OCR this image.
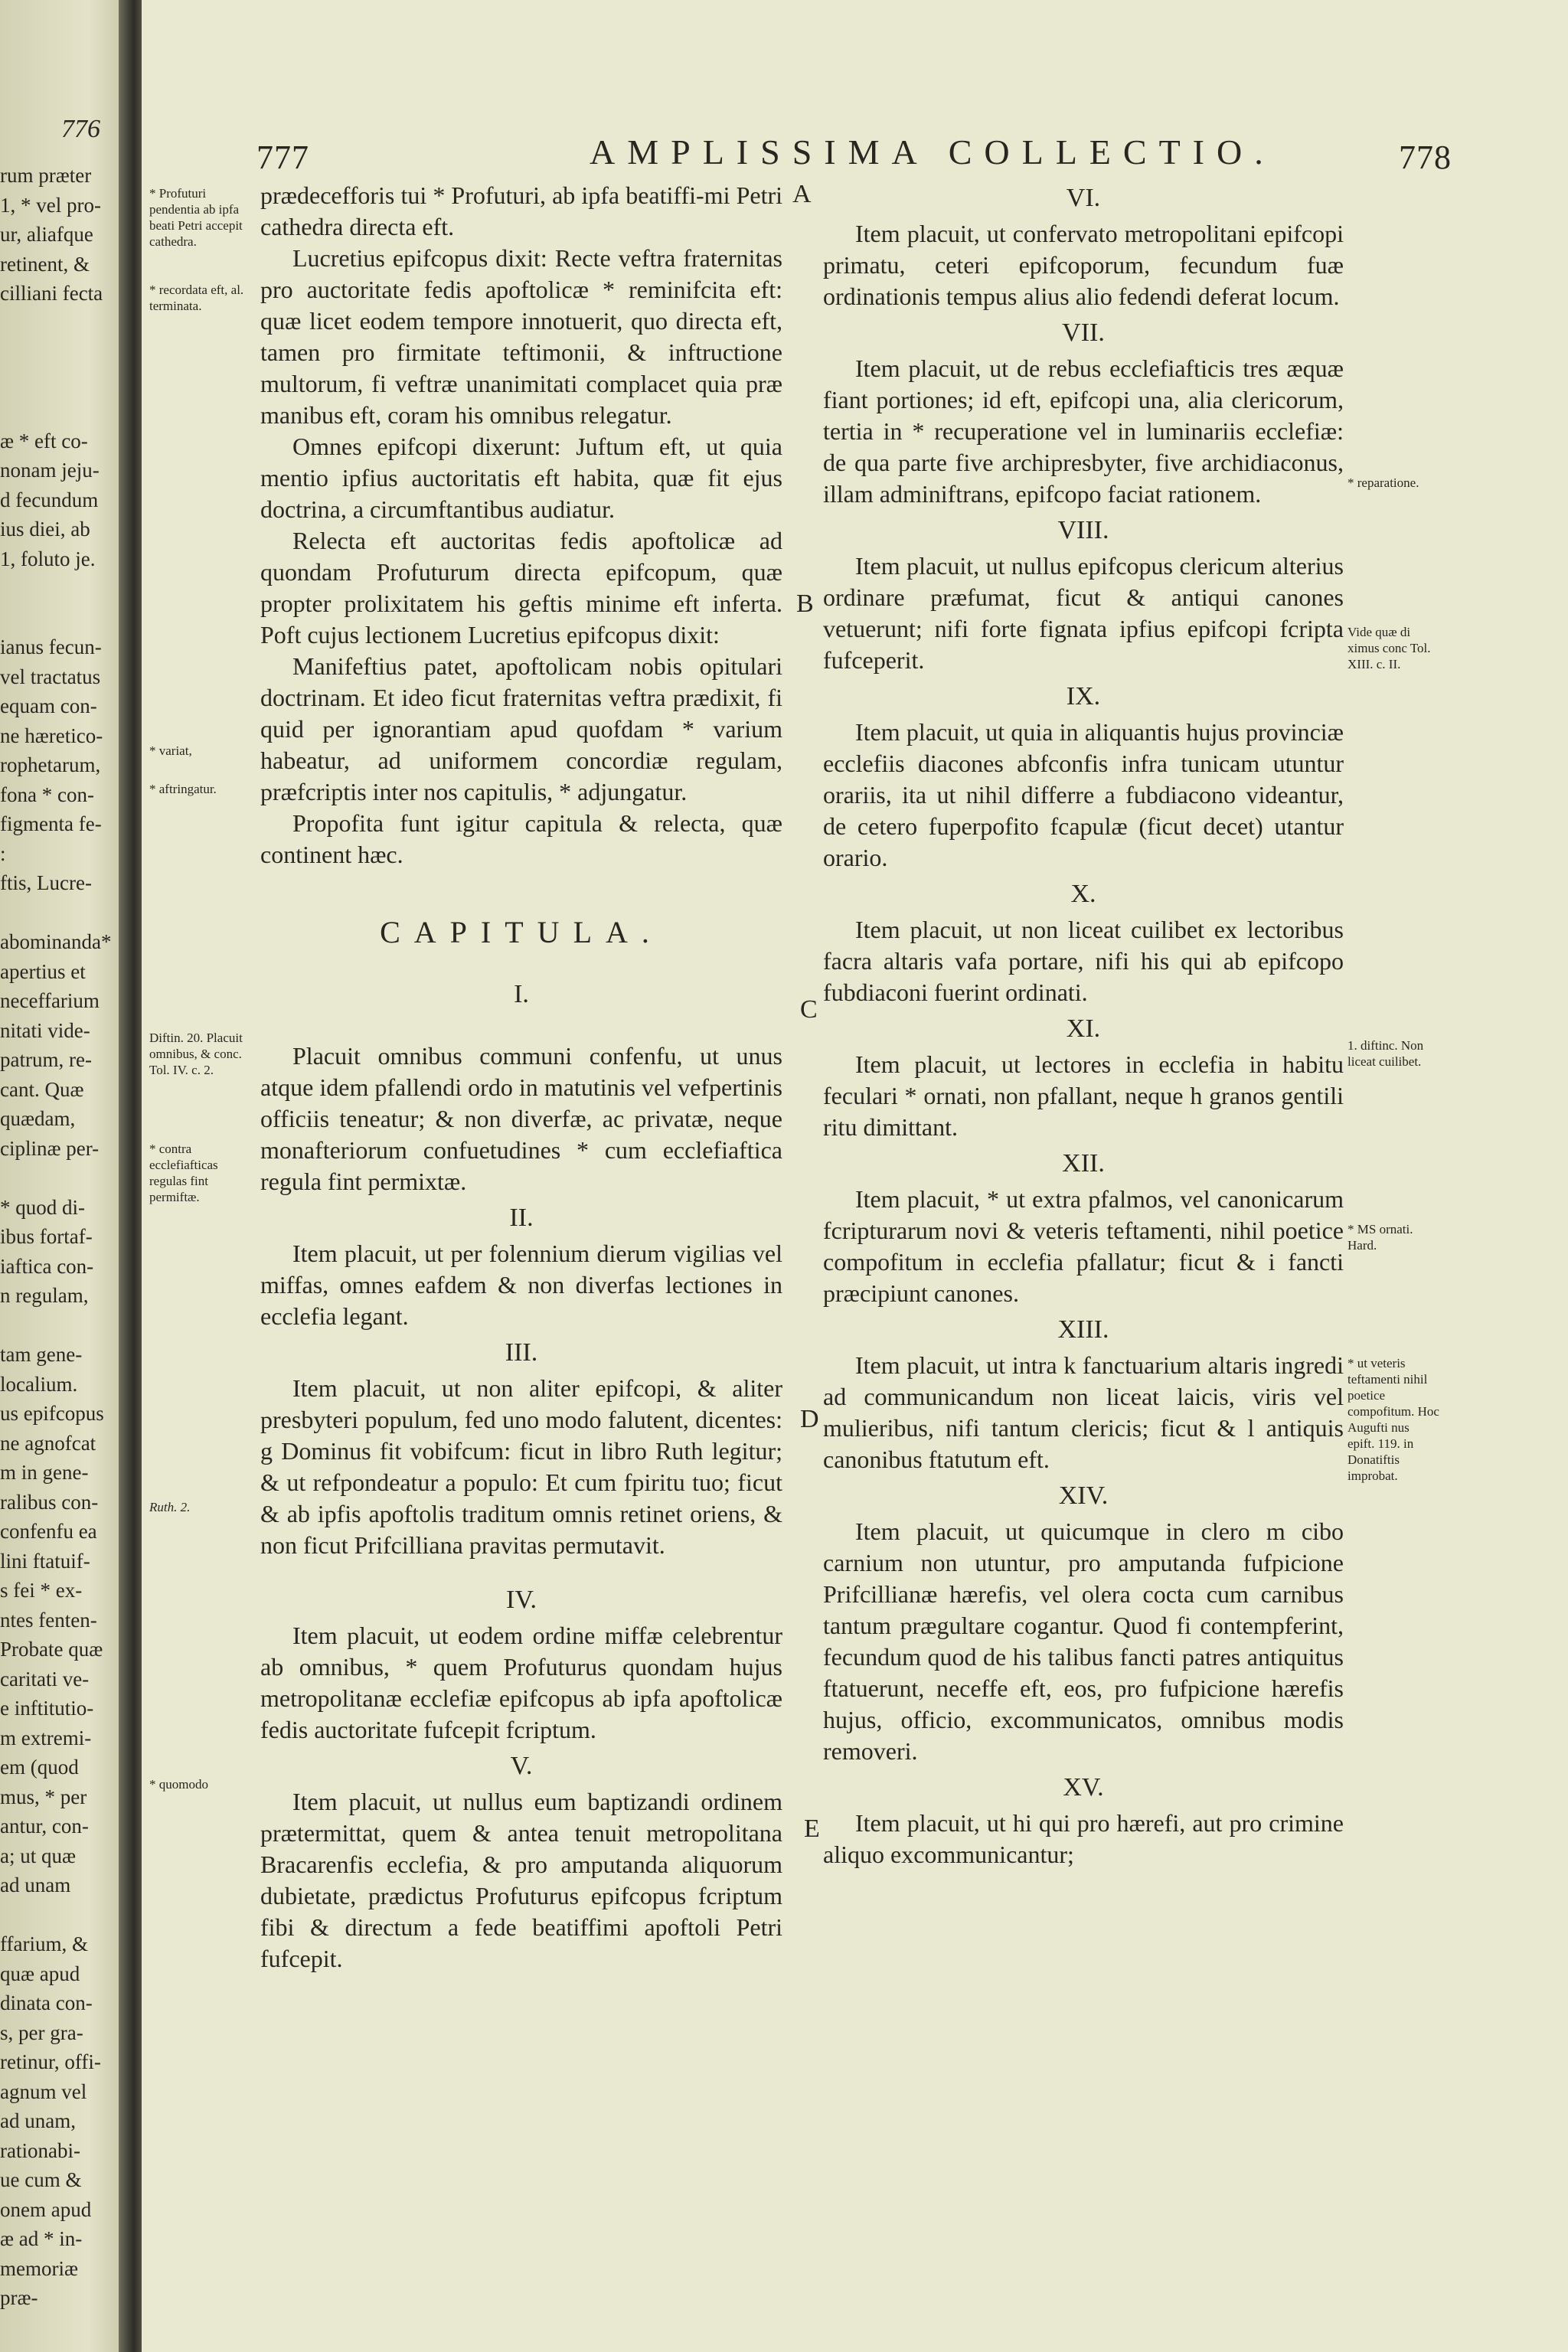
776
rum præter
1, * vel pro-
ur, aliafque
retinent, &
cilliani fecta
æ * eft co-
nonam jeju-
d fecundum
ius diei, ab
1, foluto je.
ianus fecun-
vel tractatus
equam con-
ne hæretico-
rophetarum,
fona * con-
figmenta fe-
:
ftis, Lucre-
abominanda*
apertius et
neceffarium
nitati vide-
patrum, re-
cant. Quæ
quædam,
ciplinæ per-
* quod di-
ibus fortaf-
iaftica con-
n regulam,
tam gene-
localium.
us epifcopus
ne agnofcat
m in gene-
ralibus con-
confenfu ea
lini ftatuif-
s fei * ex-
ntes fenten-
Probate quæ
caritati ve-
e inftitutio-
m extremi-
em (quod
mus, * per
antur, con-
a; ut quæ
ad unam
ffarium, &
quæ apud
dinata con-
s, per gra-
retinur, offi-
agnum vel
ad unam,
rationabi-
ue cum &
onem apud
æ ad * in-
memoriæ
præ-
777	AMPLISSIMA COLLECTIO.	778
A
B
C
D
E
* Profuturi pendentia ab ipfa beati Petri accepit cathedra.
* recordata eft, al. terminata.
* variat,
* aftringatur.
Diftin. 20. Placuit omnibus, & conc. Tol. IV. c. 2.
* contra ecclefiafticas regulas fint permiftæ.
Ruth. 2.
* quomodo
* reparatione.
Vide quæ di ximus conc Tol. XIII. c. II.
1. diftinc. Non liceat cuilibet.
* MS ornati. Hard.
* ut veteris teftamenti nihil poetice compofitum. Hoc Augufti nus epift. 119. in Donatiftis improbat.

prædecefforis tui * Profuturi, ab ipfa beatiffi-mi Petri cathedra directa eft.

Lucretius epifcopus dixit: Recte veftra fraternitas pro auctoritate fedis apoftolicæ * reminifcita eft: quæ licet eodem tempore innotuerit, quo directa eft, tamen pro firmitate teftimonii, & inftructione multorum, fi veftræ unanimitati complacet quia præ manibus eft, coram his omnibus relegatur.

Omnes epifcopi dixerunt: Juftum eft, ut quia mentio ipfius auctoritatis eft habita, quæ fit ejus doctrina, a circumftantibus audiatur.

Relecta eft auctoritas fedis apoftolicæ ad quondam Profuturum directa epifcopum, quæ propter prolixitatem his geftis minime eft inferta. Poft cujus lectionem Lucretius epifcopus dixit:

Manifeftius patet, apoftolicam nobis opitulari doctrinam. Et ideo ficut fraternitas veftra prædixit, fi quid per ignorantiam apud quofdam * varium habeatur, ad uniformem concordiæ regulam, præfcriptis inter nos capitulis, * adjungatur.

Propofita funt igitur capitula & relecta, quæ continent hæc.

CAPITULA.
I.

Placuit omnibus communi confenfu, ut unus atque idem pfallendi ordo in matutinis vel vefpertinis officiis teneatur; & non diverfæ, ac privatæ, neque monafteriorum confuetudines * cum ecclefiaftica regula fint permixtæ.

II.

Item placuit, ut per folennium dierum vigilias vel miffas, omnes eafdem & non diverfas lectiones in ecclefia legant.

III.

Item placuit, ut non aliter epifcopi, & aliter presbyteri populum, fed uno modo falutent, dicentes: g Dominus fit vobifcum: ficut in libro Ruth legitur; & ut refpondeatur a populo: Et cum fpiritu tuo; ficut & ab ipfis apoftolis traditum omnis retinet oriens, & non ficut Prifcilliana pravitas permutavit.

IV.

Item placuit, ut eodem ordine miffæ celebrentur ab omnibus, * quem Profuturus quondam hujus metropolitanæ ecclefiæ epifcopus ab ipfa apoftolicæ fedis auctoritate fufcepit fcriptum.

V.

Item placuit, ut nullus eum baptizandi ordinem prætermittat, quem & antea tenuit metropolitana Bracarenfis ecclefia, & pro amputanda aliquorum dubietate, prædictus Profuturus epifcopus fcriptum fibi & directum a fede beatiffimi apoftoli Petri fufcepit.

VI.

Item placuit, ut confervato metropolitani epifcopi primatu, ceteri epifcoporum, fecundum fuæ ordinationis tempus alius alio fedendi deferat locum.

VII.

Item placuit, ut de rebus ecclefiafticis tres æquæ fiant portiones; id eft, epifcopi una, alia clericorum, tertia in * recuperatione vel in luminariis ecclefiæ: de qua parte five archipresbyter, five archidiaconus, illam adminiftrans, epifcopo faciat rationem.

VIII.

Item placuit, ut nullus epifcopus clericum alterius ordinare præfumat, ficut & antiqui canones vetuerunt; nifi forte fignata ipfius epifcopi fcripta fufceperit.

IX.

Item placuit, ut quia in aliquantis hujus provinciæ ecclefiis diacones abfconfis infra tunicam utuntur orariis, ita ut nihil differre a fubdiacono videantur, de cetero fuperpofito fcapulæ (ficut decet) utantur orario.

X.

Item placuit, ut non liceat cuilibet ex lectoribus facra altaris vafa portare, nifi his qui ab epifcopo fubdiaconi fuerint ordinati.

XI.

Item placuit, ut lectores in ecclefia in habitu feculari * ornati, non pfallant, neque h granos gentili ritu dimittant.

XII.

Item placuit, * ut extra pfalmos, vel canonicarum fcripturarum novi & veteris teftamenti, nihil poetice compofitum in ecclefia pfallatur; ficut & i fancti præcipiunt canones.

XIII.

Item placuit, ut intra k fanctuarium altaris ingredi ad communicandum non liceat laicis, viris vel mulieribus, nifi tantum clericis; ficut & l antiquis canonibus ftatutum eft.

XIV.

Item placuit, ut quicumque in clero m cibo carnium non utuntur, pro amputanda fufpicione Prifcillianæ hærefis, vel olera cocta cum carnibus tantum prægultare cogantur. Quod fi contempferint, fecundum quod de his talibus fancti patres antiquitus ftatuerunt, neceffe eft, eos, pro fufpicione hærefis hujus, officio, excommunicatos, omnibus modis removeri.

XV.

Item placuit, ut hi qui pro hærefi, aut pro crimine aliquo excommunicantur;
